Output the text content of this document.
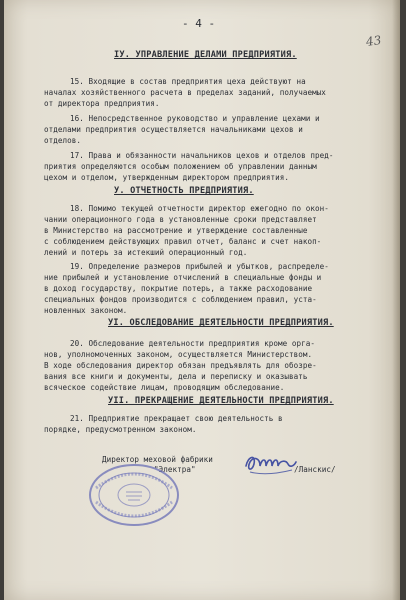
- 4 -
43
IУ. УПРАВЛЕНИЕ ДЕЛАМИ ПРЕДПРИЯТИЯ.
15. Входящие в состав предприятия цеха действуют на
началах хозяйственного расчета в пределах заданий, получаемых
от директора предприятия.
16. Непосредственное руководство и управление цехами и
отделами предприятия осуществляется начальниками цехов и
отделов.
17. Права и обязанности начальников цехов и отделов пред-
приятия определяются особым положением об управлении данным
цехом и отделом, утвержденным директором предприятия.
У. ОТЧЕТНОСТЬ ПРЕДПРИЯТИЯ.
18. Помимо текущей отчетности директор ежегодно по окон-
чании операционного года в установленные сроки представляет
в Министерство на рассмотрение и утверждение составленные
с соблюдением действующих правил отчет, баланс и счет накоп-
лений и потерь за истекший операционный год.
19. Определение размеров прибылей и убытков, распределе-
ние прибылей и установление отчислений в специальные фонды и
в доход государству, покрытие потерь, а также расходование
специальных фондов производится с соблюдением правил, уста-
новленных законом.
УI. ОБСЛЕДОВАНИЕ ДЕЯТЕЛЬНОСТИ ПРЕДПРИЯТИЯ.
20. Обследование деятельности предприятия кроме орга-
нов, уполномоченных законом, осуществляется Министерством.
В ходе обследования директор обязан предъявлять для обозре-
вания все книги и документы, дела и переписку и оказывать
всяческое содействие лицам, проводящим обследование.
УII. ПРЕКРАЩЕНИЕ ДЕЯТЕЛЬНОСТИ ПРЕДПРИЯТИЯ.
21. Предприятие прекращает свою деятельность в
порядке, предусмотренном законом.
Директор меховой фабрики
"Электра"	/Ланскис/
